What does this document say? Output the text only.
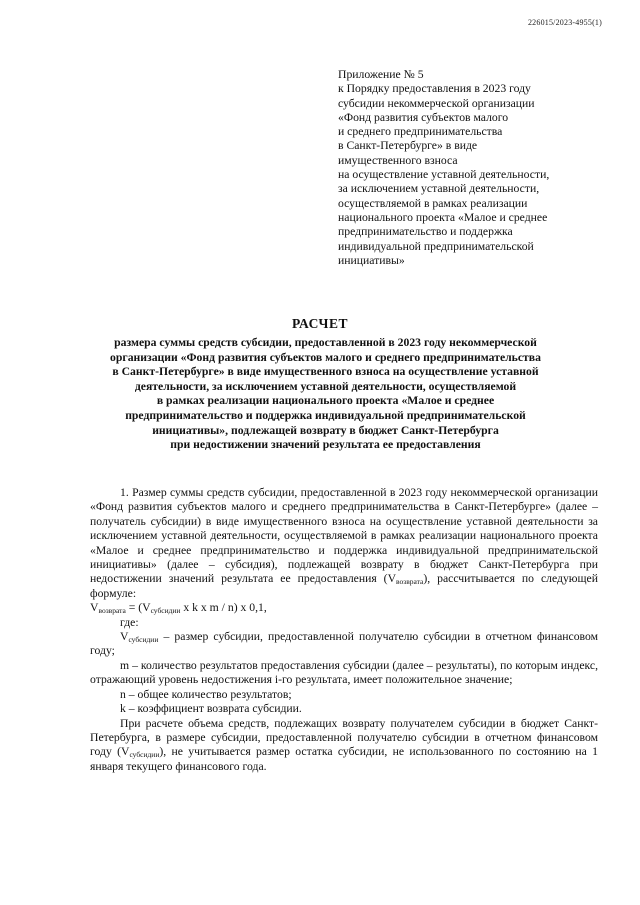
226015/2023-4955(1)
Приложение № 5
к Порядку предоставления в 2023 году
субсидии некоммерческой организации
«Фонд развития субъектов малого
и среднего предпринимательства
в Санкт-Петербурге» в виде
имущественного взноса
на осуществление уставной деятельности,
за исключением уставной деятельности,
осуществляемой в рамках реализации
национального проекта «Малое и среднее
предпринимательство и поддержка
индивидуальной предпринимательской
инициативы»
РАСЧЕТ
размера суммы средств субсидии, предоставленной в 2023 году некоммерческой
организации «Фонд развития субъектов малого и среднего предпринимательства
в Санкт-Петербурге» в виде имущественного взноса на осуществление уставной
деятельности, за исключением уставной деятельности, осуществляемой
в рамках реализации национального проекта «Малое и среднее
предпринимательство и поддержка индивидуальной предпринимательской
инициативы», подлежащей возврату в бюджет Санкт-Петербурга
при недостижении значений результата ее предоставления

1. Размер суммы средств субсидии, предоставленной в 2023 году некоммерческой организации «Фонд развития субъектов малого и среднего предпринимательства в Санкт-Петербурге» (далее – получатель субсидии) в виде имущественного взноса на осуществление уставной деятельности за исключением уставной деятельности, осуществляемой в рамках реализации национального проекта «Малое и среднее предпринимательство и поддержка индивидуальной предпринимательской инициативы» (далее – субсидия), подлежащей возврату в бюджет Санкт-Петербурга при недостижении значений результата ее предоставления $(V_{возврата})$, рассчитывается по следующей формуле:

$V_{возврата} = (V_{субсидии}$ x k x m / n) x 0,1,

где:

$V_{субсидии}$ – размер субсидии, предоставленной получателю субсидии в отчетном финансовом году;

m – количество результатов предоставления субсидии (далее – результаты), по которым индекс, отражающий уровень недостижения i-го результата, имеет положительное значение;

n – общее количество результатов;

k – коэффициент возврата субсидии.

При расчете объема средств, подлежащих возврату получателем субсидии в бюджет Санкт-Петербурга, в размере субсидии, предоставленной получателю субсидии в отчетном финансовом году $(V_{субсидии})$, не учитывается размер остатка субсидии, не использованного по состоянию на 1 января текущего финансового года.
